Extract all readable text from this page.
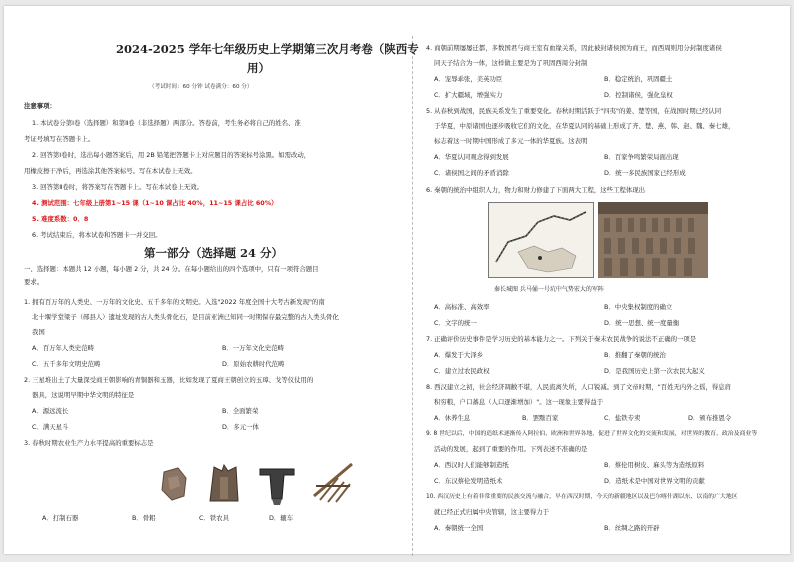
2024-2025 学年七年级历史上学期第三次月考卷（陕西专
用）
（考试时间：60 分钟 试卷满分：60 分）
注意事项：
1. 本试卷分第Ⅰ卷（选择题）和第Ⅱ卷（非选择题）两部分。答卷前，考生务必将自己的姓名、准
考证号填写在答题卡上。
2. 回答第Ⅰ卷时，选出每小题答案后，用 2B 铅笔把答题卡上对应题目的答案标号涂黑。如需改动，
用橡皮擦干净后，再选涂其他答案标号。写在本试卷上无效。
3. 回答第Ⅱ卷时，将答案写在答题卡上。写在本试卷上无效。
4. 测试范围：七年级上册第1~15 课（1~10 课占比 40%，11~15 课占比 60%）
5. 难度系数：0．8
6. 考试结束后，将本试卷和答题卡一并交回。
第一部分（选择题 24 分）
一、选择题：本题共 12 小题，每小题 2 分，共 24 分。在每小题给出的四个选项中，只有一项符合题目
要求。
1. 拥有百万年的人类史、一万年的文化史、五千多年的文明史。入选"2022 年度全国十大考古新发现"的南
北十堰学堂梁子（郧县人）遗址发现的古人类头骨化石，是目前亚洲已知同一时期保存最完整的古人类头骨化
我国
A．百万年人类史范畴	B．一万年文化史范畴
C．五千多年文明史范畴	D．原始农耕时代范畴
2. 三星堆出土了大量深受商王朝影响的青铜器和玉器，比如发现了夏商王朝创立的玉璋、戈等仪仗用的
器具，这说明早期中华文明的特征是
A．源远流长	B．全面繁荣
C．满天星斗	D．多元一体
3. 春秋时期农业生产力水平提高的重要标志是
A．打制石器	B．骨耜	C．铁农具	D．辘车
4. 商朝前期屡屡迁都，多数国君与商王室有血缘关系，因此被封诸侯国为商王，而西周则用分封制度诸侯
同天子结合为一体，这样做主要是为了巩固西周分封制
A．宠辱乖张，美英功臣	B．稳定统治，巩固疆土
C．扩大疆域，增强实力	D．控制诸侯，强化皇权
5. 从春秋到战国，民族关系发生了重要变化。春秋时期活跃于"四夷"的姜、楚等国，在战国时期已经认同
于华夏，中原诸国也逐步吸收它们的文化，在华夏认同的基础上形成了齐、楚、燕、韩、赵、魏、秦七雄，
标志着这一时期中国形成了多元一体的华夏族。这表明
A．华夏认同观念得到发展	B．百家争鸣繁荣局面出现
C．诸侯国之间的矛盾消除	D．统一多民族国家已经形成
6. 秦朝的统治中组织人力，物力和财力修建了下面两大工程，这些工程体现出
秦长城图 兵马俑一号坑中气势宏大的军阵
A．高标准、高效率	B．中央集权制度的确立
C．文字的统一	D．统一思想、统一度量衡
7. 正确评价历史事件是学习历史的基本能力之一。下列关于秦末农民战争的说法不正确的一项是
A．爆发于大泽乡	B．推翻了秦朝的统治
C．建立过农民政权	D．是我国历史上第一次农民大起义
8. 西汉建立之初，社会经济凋敝不堪，人民流离失所，人口锐减。到了文帝时期，"百姓无内外之徭，得息肩
积穷粮，户口蕃息（人口逐渐增加）"。这一现象主要得益于
A．休养生息	B．罢黜百家	C．盐铁专卖	D．颁布推恩令
9. 8 世纪以后，中国的造纸术逐渐传入阿拉伯、欧洲和世界各地，促进了世界文化的交流和发展，对世界的教育、政治及商业等
活动的发展，起到了重要的作用。下列表述不准确的是
A．西汉时人们能够制造纸	B．蔡伦用树皮、麻头等为造纸原料
C．东汉蔡伦发明造纸术	D．造纸术是中国对世界文明的贡献
10. 西汉历史上有着非常重要的民族交流与融合，早在西汉时期，今天的新疆地区以及巴尔喀什湖以东、以南的广大地区
就已经正式归属中央管辖，这主要得力于
A．秦朝统一全国	B．丝绸之路的开辟
